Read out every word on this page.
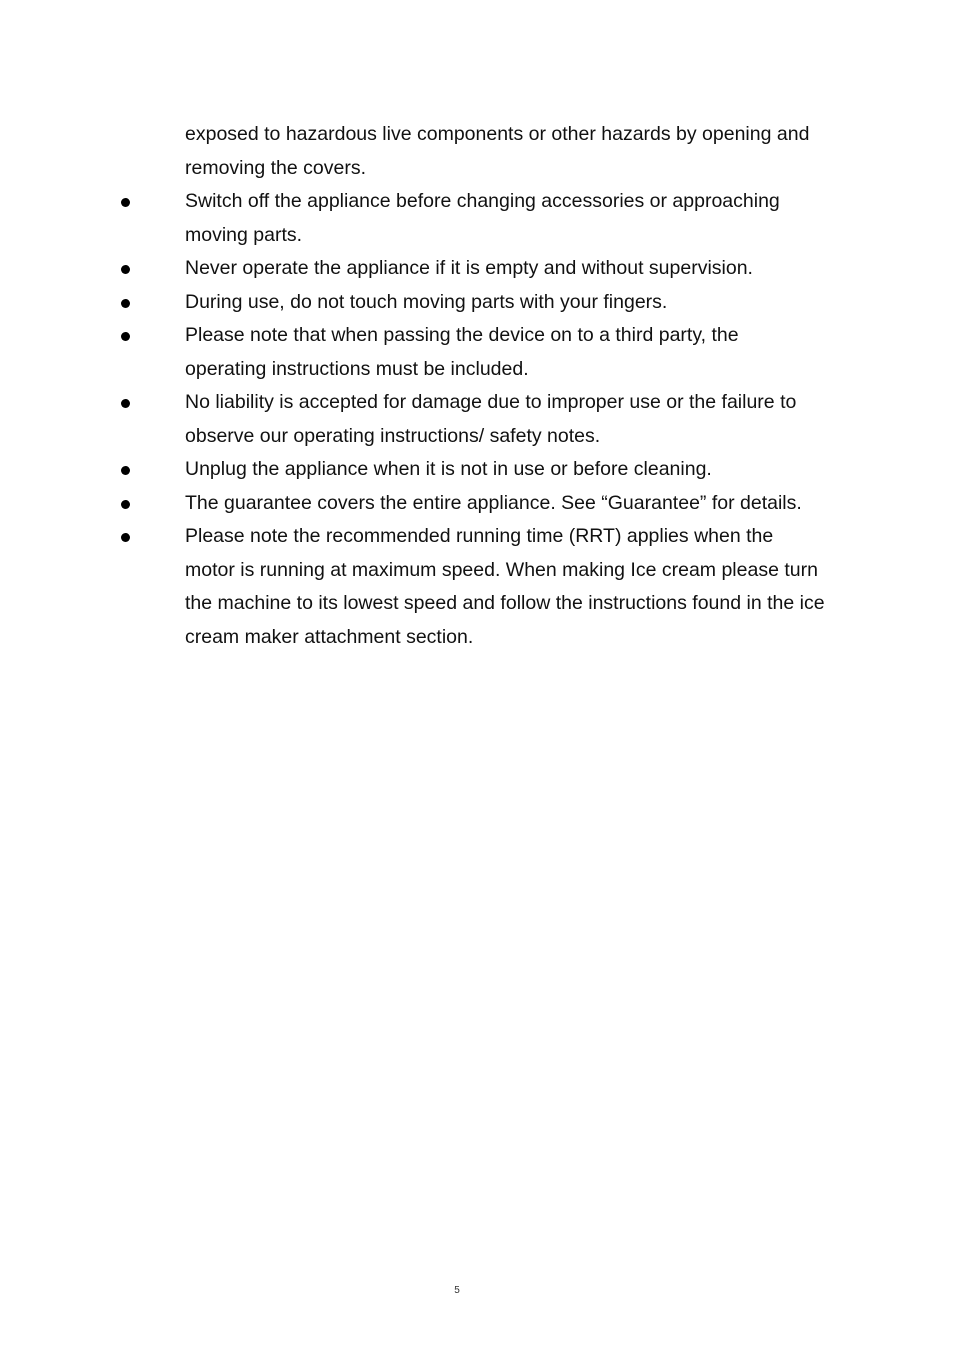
exposed to hazardous live components or other hazards by opening and removing the covers.

Switch off the appliance before changing accessories or approaching moving parts.
Never operate the appliance if it is empty and without supervision.
During use, do not touch moving parts with your fingers.
Please note that when passing the device on to a third party, the operating instructions must be included.
No liability is accepted for damage due to improper use or the failure to observe our operating instructions/ safety notes.
Unplug the appliance when it is not in use or before cleaning.
The guarantee covers the entire appliance. See “Guarantee” for details.
Please note the recommended running time (RRT) applies when the motor is running at maximum speed. When making Ice cream please turn the machine to its lowest speed and follow the instructions found in the ice cream maker attachment section.
5
